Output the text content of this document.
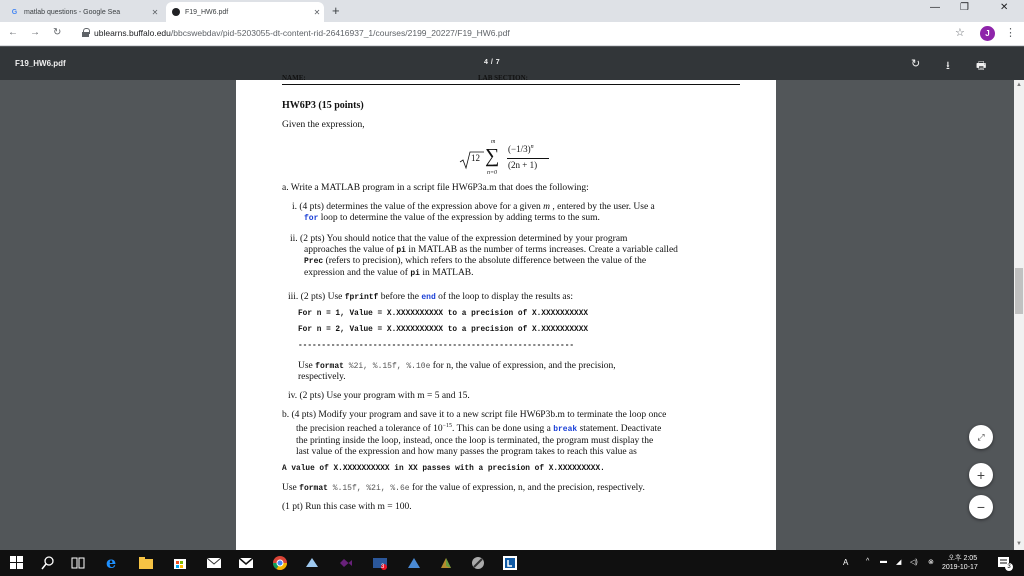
G matlab questions - Google Sea	✕	F19_HW6.pdf	✕ +	— ❐	✕
← → ↻	ublearns.buffalo.edu/bbcswebdav/pid-5203055-dt-content-rid-26416937_1/courses/2199_20227/F19_HW6.pdf	☆	J	⋮
F19_HW6.pdf	4 / 7	↻ ⭳ 🖶
NAME:	LAB SECTION:
HW6P3 (15 points)
Given the expression,
12
m
∑
n=0
$(-1/3)^n$
(2n + 1)
a. Write a MATLAB program in a script file HW6P3a.m that does the following:
i. (4 pts) determines the value of the expression above for a given m , entered by the user. Use a
for loop to determine the value of the expression by adding terms to the sum.
ii. (2 pts) You should notice that the value of the expression determined by your program
approaches the value of pi in MATLAB as the number of terms increases. Create a variable called
Prec (refers to precision), which refers to the absolute difference between the value of the
expression and the value of pi in MATLAB.
iii. (2 pts) Use fprintf before the end of the loop to display the results as:
For n = 1, Value = X.XXXXXXXXXX to a precision of X.XXXXXXXXXX
For n = 2, Value = X.XXXXXXXXXX to a precision of X.XXXXXXXXXX
-----------------------------------------------------------
Use format %2i, %.15f, %.10e for n, the value of expression, and the precision,
respectively.
iv. (2 pts) Use your program with m = 5 and 15.
b. (4 pts) Modify your program and save it to a new script file HW6P3b.m to terminate the loop once
the precision reached a tolerance of $10^{-15}$. This can be done using a break statement. Deactivate
the printing inside the loop, instead, once the loop is terminated, the program must display the
last value of the expression and how many passes the program takes to reach this value as
A value of X.XXXXXXXXXX in XX passes with a precision of X.XXXXXXXXX.
Use format %.15f, %2i, %.6e for the value of expression, n, and the precision, respectively.
(1 pt) Run this case with m = 100.
▲
▼
⤢
+
−
e	3	A	^ ▬ ◢ ◁) ⊗
오후 2:05
2019-10-17	3
